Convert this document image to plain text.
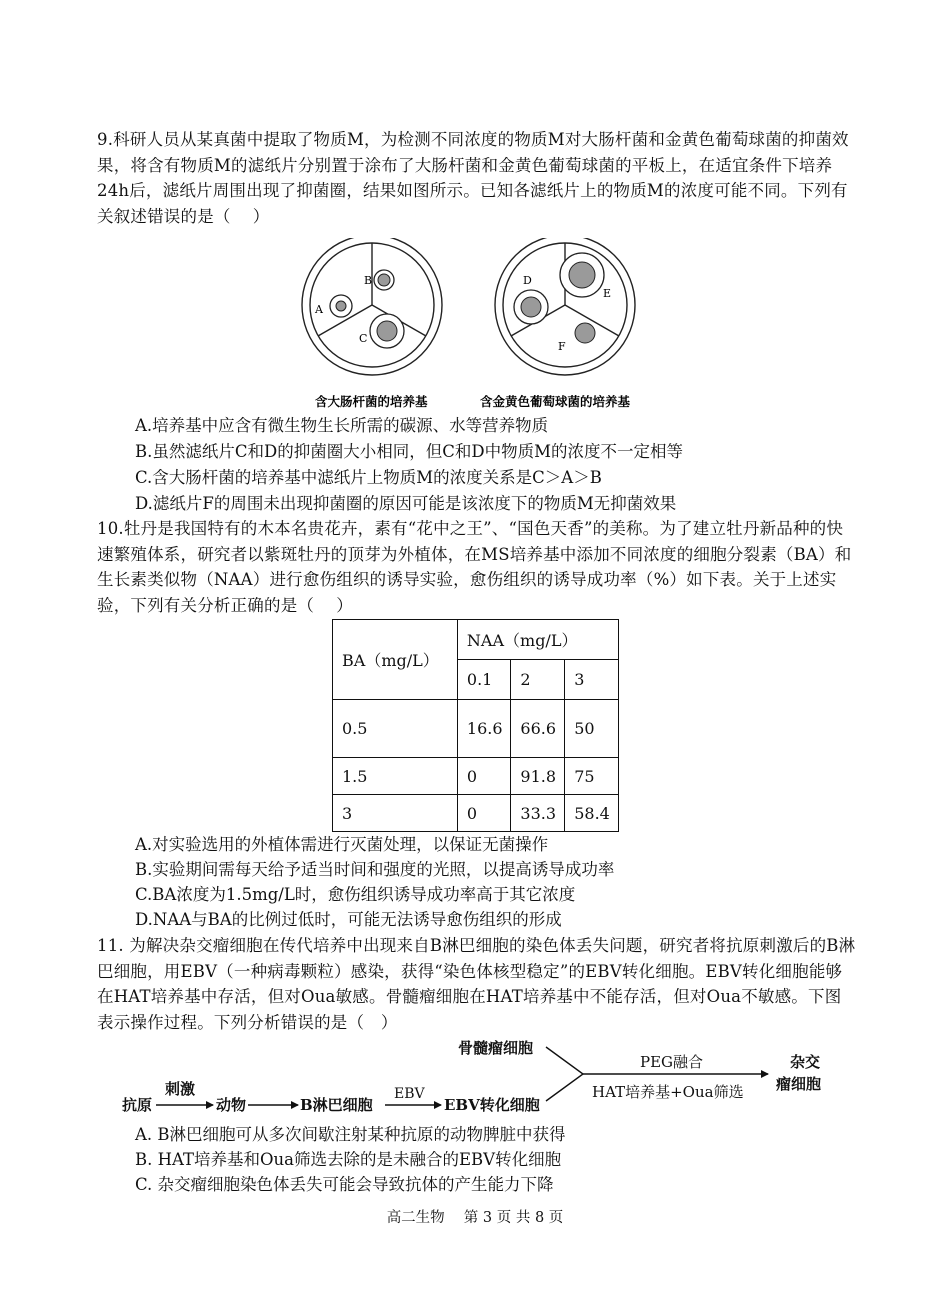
9.科研人员从某真菌中提取了物质M，为检测不同浓度的物质M对大肠杆菌和金黄色葡萄球菌的抑菌效果，将含有物质M的滤纸片分别置于涂布了大肠杆菌和金黄色葡萄球菌的平板上，在适宜条件下培养24h后，滤纸片周围出现了抑菌圈，结果如图所示。已知各滤纸片上的物质M的浓度可能不同。下列有关叙述错误的是（　 ）

A
B
C
D
E
F
含大肠杆菌的培养基	含金黄色葡萄球菌的培养基
A.培养基中应含有微生物生长所需的碳源、水等营养物质
B.虽然滤纸片C和D的抑菌圈大小相同，但C和D中物质M的浓度不一定相等
C.含大肠杆菌的培养基中滤纸片上物质M的浓度关系是C＞A＞B
D.滤纸片F的周围未出现抑菌圈的原因可能是该浓度下的物质M无抑菌效果

10.牡丹是我国特有的木本名贵花卉，素有“花中之王”、“国色天香”的美称。为了建立牡丹新品种的快速繁殖体系，研究者以紫斑牡丹的顶芽为外植体，在MS培养基中添加不同浓度的细胞分裂素（BA）和生长素类似物（NAA）进行愈伤组织的诱导实验，愈伤组织的诱导成功率（%）如下表。关于上述实验，下列有关分析正确的是（　 ）

BA（mg/L）	NAA（mg/L）		
	0.1	2	3
0.5	16.6	66.6	50
1.5	0	91.8	75
3	0	33.3	58.4
A.对实验选用的外植体需进行灭菌处理，以保证无菌操作
B.实验期间需每天给予适当时间和强度的光照，以提高诱导成功率
C.BA浓度为1.5mg/L时，愈伤组织诱导成功率高于其它浓度
D.NAA与BA的比例过低时，可能无法诱导愈伤组织的形成

11. 为解决杂交瘤细胞在传代培养中出现来自B淋巴细胞的染色体丢失问题，研究者将抗原刺激后的B淋巴细胞，用EBV（一种病毒颗粒）感染，获得“染色体核型稳定”的EBV转化细胞。EBV转化细胞能够在HAT培养基中存活，但对Oua敏感。骨髓瘤细胞在HAT培养基中不能存活，但对Oua不敏感。下图表示操作过程。下列分析错误的是（　）

抗原
刺激
动物	B淋巴细胞
EBV
EBV转化细胞
骨髓瘤细胞
PEG融合
HAT培养基+Oua筛选
杂交
瘤细胞
A. B淋巴细胞可从多次间歇注射某种抗原的动物脾脏中获得
B. HAT培养基和Oua筛选去除的是未融合的EBV转化细胞
C. 杂交瘤细胞染色体丢失可能会导致抗体的产生能力下降
高二生物　 第 3 页 共 8 页
